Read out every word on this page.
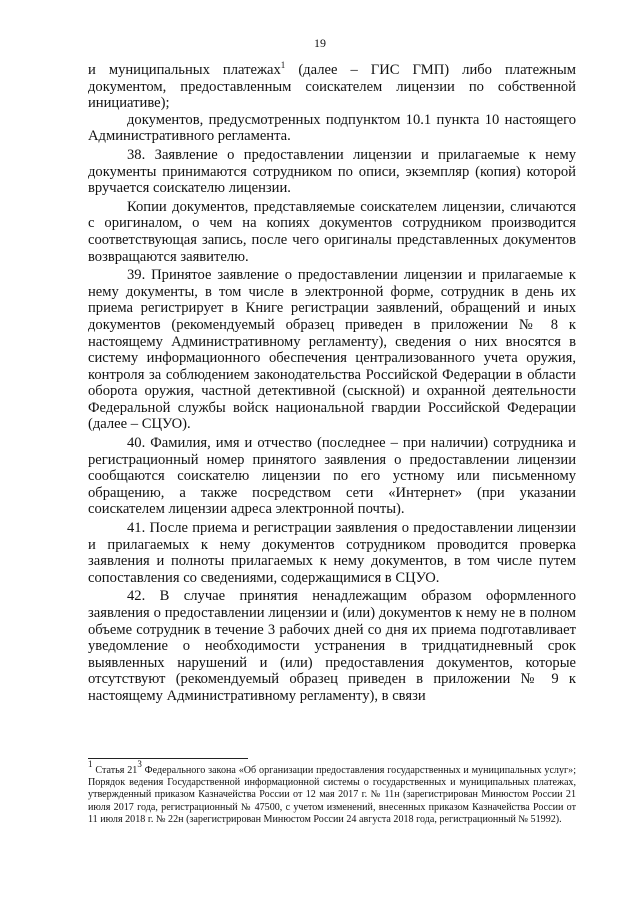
19

и муниципальных платежах$^1$ (далее – ГИС ГМП) либо платежным документом, предоставленным соискателем лицензии по собственной инициативе);

документов, предусмотренных подпунктом 10.1 пункта 10 настоящего Административного регламента.

38. Заявление о предоставлении лицензии и прилагаемые к нему документы принимаются сотрудником по описи, экземпляр (копия) которой вручается соискателю лицензии.

Копии документов, представляемые соискателем лицензии, сличаются с оригиналом, о чем на копиях документов сотрудником производится соответствующая запись, после чего оригиналы представленных документов возвращаются заявителю.

39. Принятое заявление о предоставлении лицензии и прилагаемые к нему документы, в том числе в электронной форме, сотрудник в день их приема регистрирует в Книге регистрации заявлений, обращений и иных документов (рекомендуемый образец приведен в приложении № 8 к настоящему Административному регламенту), сведения о них вносятся в систему информационного обеспечения централизованного учета оружия, контроля за соблюдением законодательства Российской Федерации в области оборота оружия, частной детективной (сыскной) и охранной деятельности Федеральной службы войск национальной гвардии Российской Федерации (далее – СЦУО).

40. Фамилия, имя и отчество (последнее – при наличии) сотрудника и регистрационный номер принятого заявления о предоставлении лицензии сообщаются соискателю лицензии по его устному или письменному обращению, а также посредством сети «Интернет» (при указании соискателем лицензии адреса электронной почты).

41. После приема и регистрации заявления о предоставлении лицензии и прилагаемых к нему документов сотрудником проводится проверка заявления и полноты прилагаемых к нему документов, в том числе путем сопоставления со сведениями, содержащимися в СЦУО.

42. В случае принятия ненадлежащим образом оформленного заявления о предоставлении лицензии и (или) документов к нему не в полном объеме сотрудник в течение 3 рабочих дней со дня их приема подготавливает уведомление о необходимости устранения в тридцатидневный срок выявленных нарушений и (или) предоставления документов, которые отсутствуют (рекомендуемый образец приведен в приложении № 9 к настоящему Административному регламенту), в связи

$^1$ Статья $21^3$ Федерального закона «Об организации предоставления государственных и муниципальных услуг»; Порядок ведения Государственной информационной системы о государственных и муниципальных платежах, утвержденный приказом Казначейства России от 12 мая 2017 г. № 11н (зарегистрирован Минюстом России 21 июля 2017 года, регистрационный № 47500, с учетом изменений, внесенных приказом Казначейства России от 11 июля 2018 г. № 22н (зарегистрирован Минюстом России 24 августа 2018 года, регистрационный № 51992).
